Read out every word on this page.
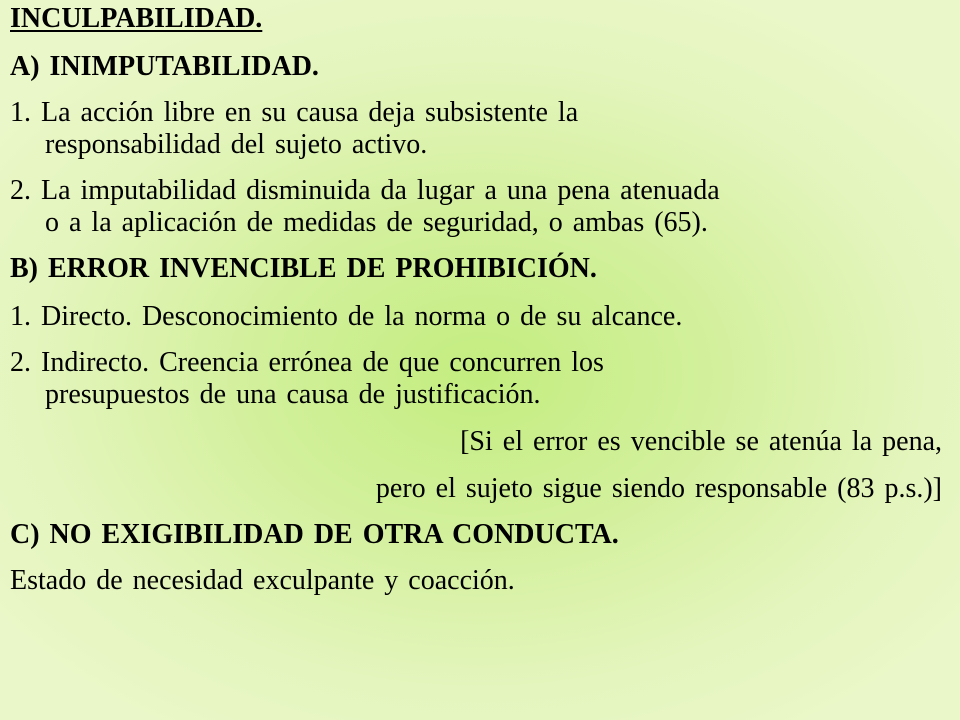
INCULPABILIDAD.

A) INIMPUTABILIDAD.

1. La acción libre en su causa deja subsistente la

responsabilidad del sujeto activo.

2. La imputabilidad disminuida da lugar a una pena atenuada

o a la aplicación de medidas de seguridad, o ambas (65).

B) ERROR INVENCIBLE DE PROHIBICIÓN.

1. Directo. Desconocimiento de la norma o de su alcance.

2. Indirecto. Creencia errónea de que concurren los

presupuestos de una causa de justificación.

[Si el error es vencible se atenúa la pena,

pero el sujeto sigue siendo responsable (83 p.s.)]

C) NO EXIGIBILIDAD DE OTRA CONDUCTA.

Estado de necesidad exculpante y coacción.
